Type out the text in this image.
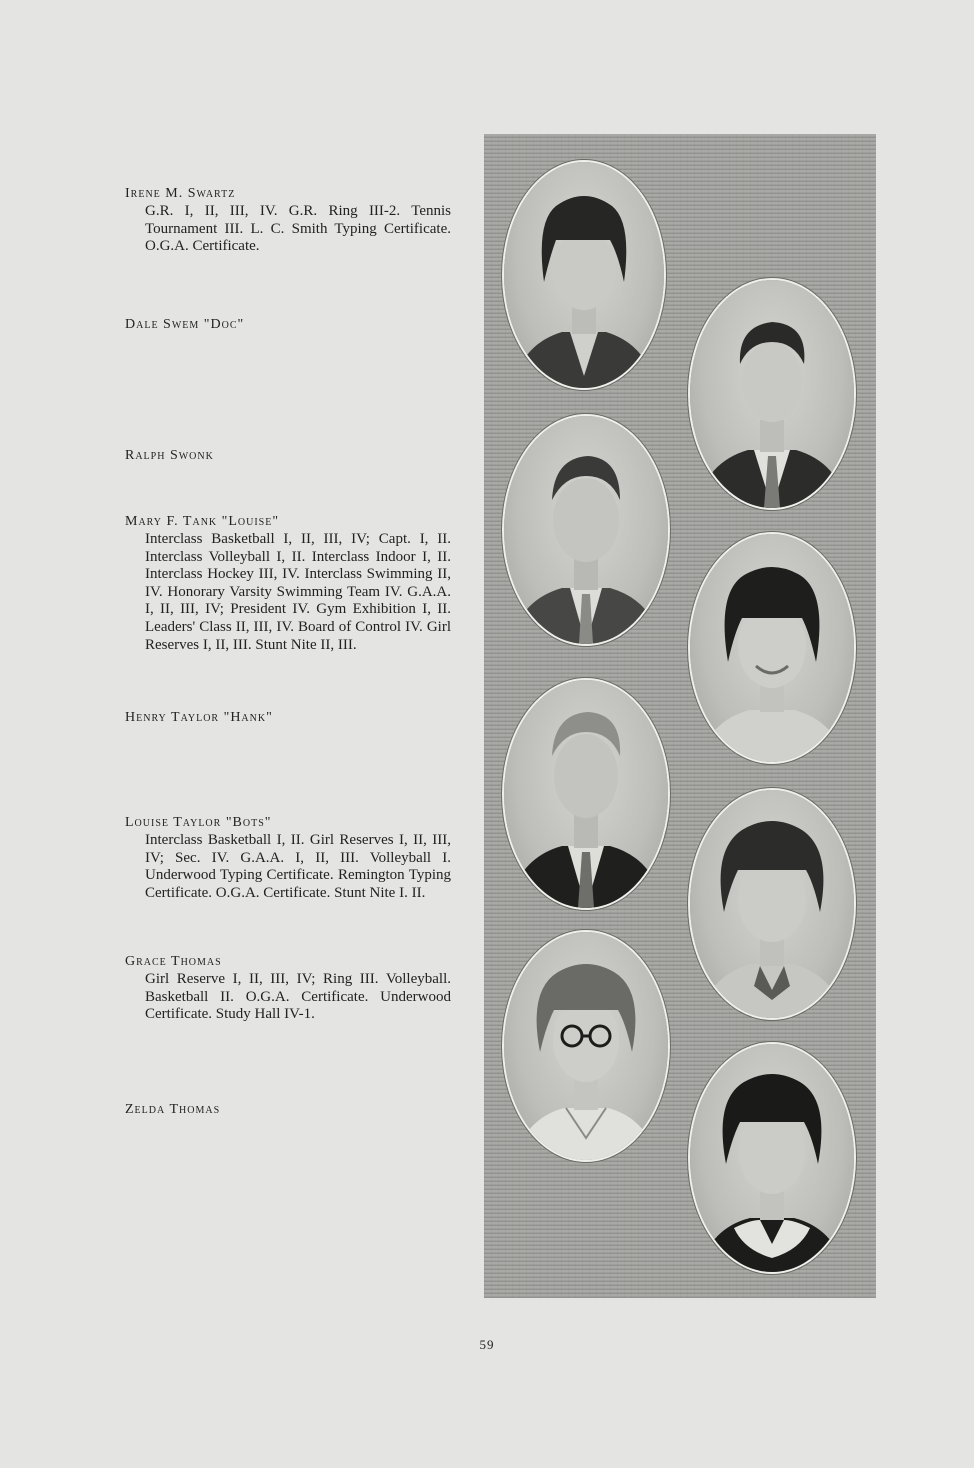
Irene M. Swartz
G.R. I, II, III, IV. G.R. Ring III-2. Tennis Tournament III. L. C. Smith Typing Certificate. O.G.A. Certificate.
Dale Swem "Doc"
Ralph Swonk
Mary F. Tank "Louise"
Interclass Basketball I, II, III, IV; Capt. I, II. Interclass Volleyball I, II. Interclass Indoor I, II. Interclass Hockey III, IV. Interclass Swimming II, IV. Honorary Varsity Swimming Team IV. G.A.A. I, II, III, IV; President IV. Gym Exhibition I, II. Leaders' Class II, III, IV. Board of Control IV. Girl Reserves I, II, III. Stunt Nite II, III.
Henry Taylor "Hank"
Louise Taylor "Bots"
Interclass Basketball I, II. Girl Reserves I, II, III, IV; Sec. IV. G.A.A. I, II, III. Volleyball I. Underwood Typing Certificate. Remington Typing Certificate. O.G.A. Certificate. Stunt Nite I. II.
Grace Thomas
Girl Reserve I, II, III, IV; Ring III. Volleyball. Basketball II. O.G.A. Certificate. Underwood Certificate. Study Hall IV-1.
Zelda Thomas
59
